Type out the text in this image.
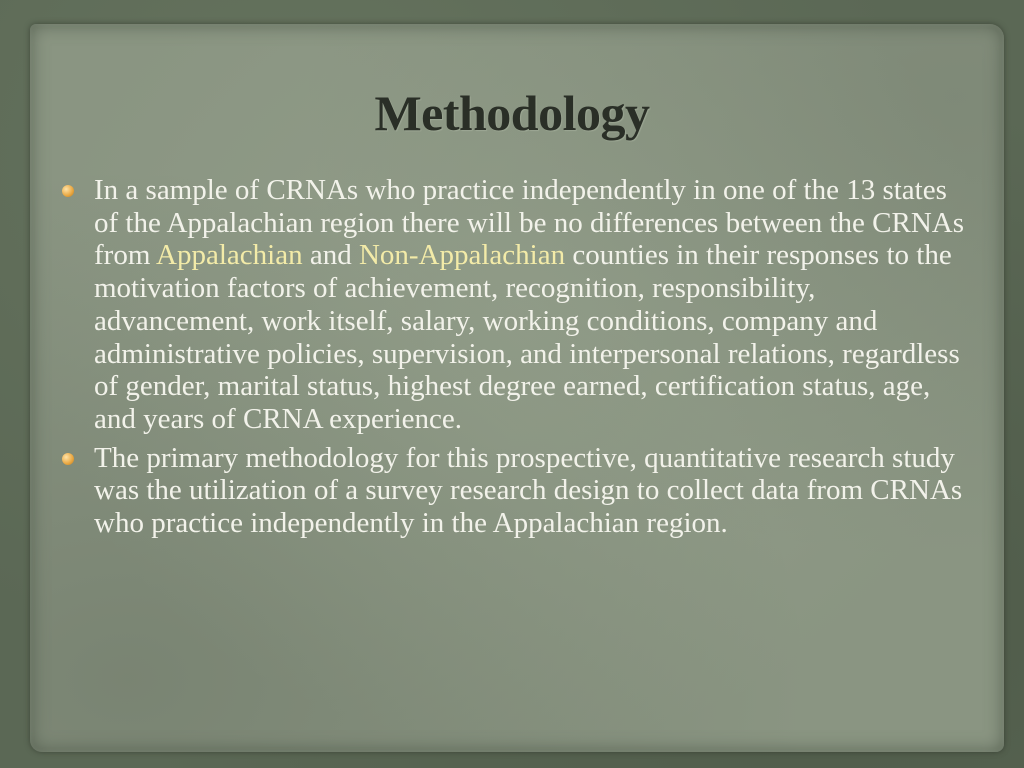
Methodology
In a sample of CRNAs who practice independently in one of the 13 states of the Appalachian region there will be no differences between the CRNAs from Appalachian and Non-Appalachian counties in their responses to the motivation factors of achievement, recognition, responsibility, advancement, work itself, salary, working conditions, company and administrative policies, supervision, and interpersonal relations, regardless of gender, marital status, highest degree earned, certification status, age, and years of CRNA experience.
The primary methodology for this prospective, quantitative research study was the utilization of a survey research design to collect data from CRNAs who practice independently in the Appalachian region.
